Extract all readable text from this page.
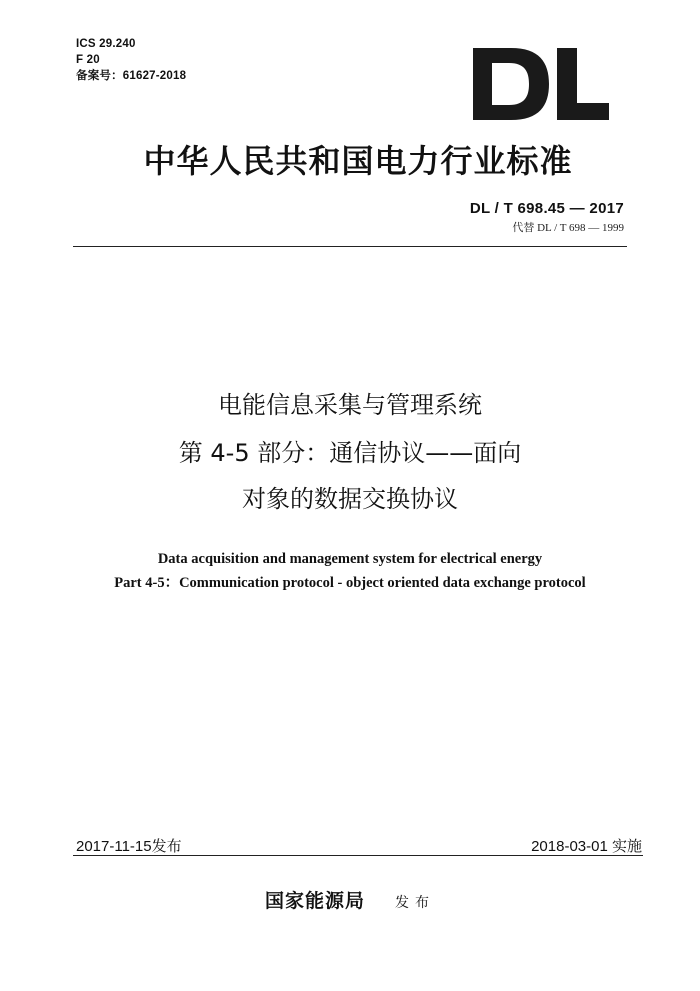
ICS 29.240
F 20
备案号：61627-2018
中华人民共和国电力行业标准
DL / T 698.45 — 2017
代替 DL / T 698 — 1999
电能信息采集与管理系统
第 4-5 部分：通信协议——面向
对象的数据交换协议
Data acquisition and management system for electrical energy
Part 4-5：Communication protocol - object oriented data exchange protocol
2017-11-15发布	2018-03-01 实施
国家能源局 发布
